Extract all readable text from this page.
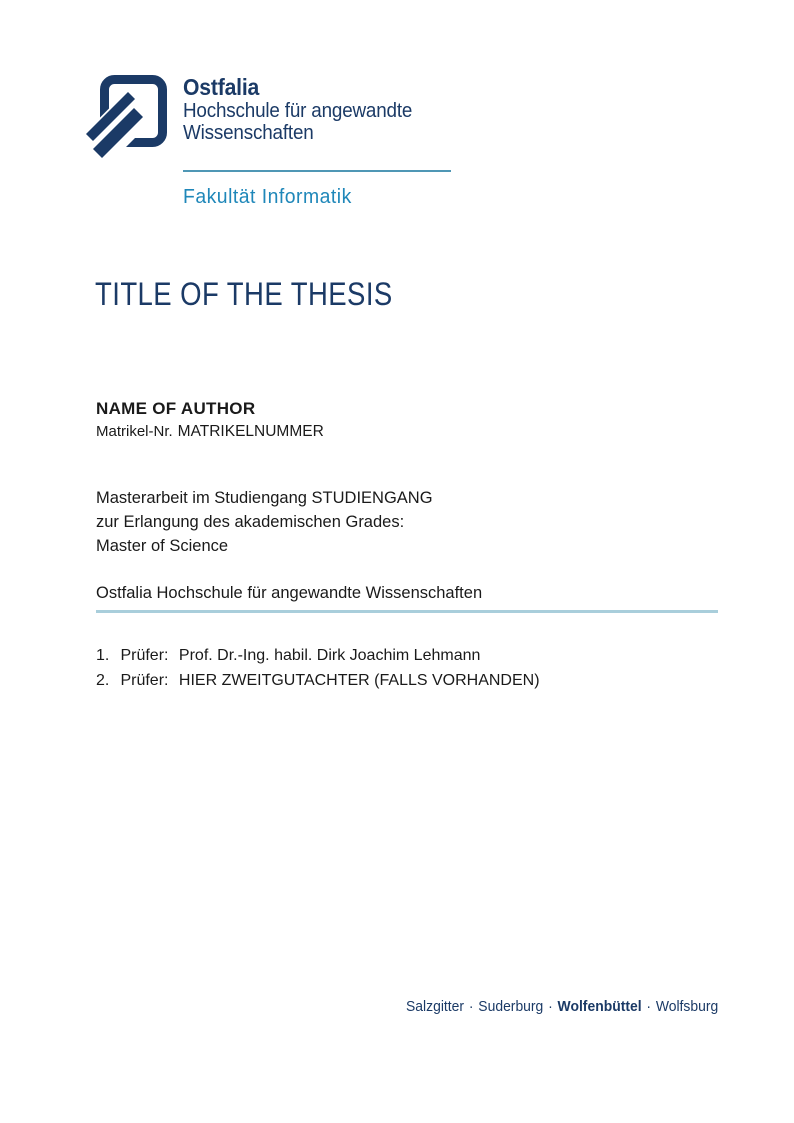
Ostfalia
Hochschule für angewandte
Wissenschaften
Fakultät Informatik
TITLE OF THE THESIS
NAME OF AUTHOR
Matrikel-Nr. MATRIKELNUMMER
Masterarbeit im Studiengang STUDIENGANG
zur Erlangung des akademischen Grades:
Master of Science
Ostfalia Hochschule für angewandte Wissenschaften
1. Prüfer: Prof. Dr.-Ing. habil. Dirk Joachim Lehmann
2. Prüfer: HIER ZWEITGUTACHTER (FALLS VORHANDEN)
Salzgitter · Suderburg · Wolfenbüttel · Wolfsburg
